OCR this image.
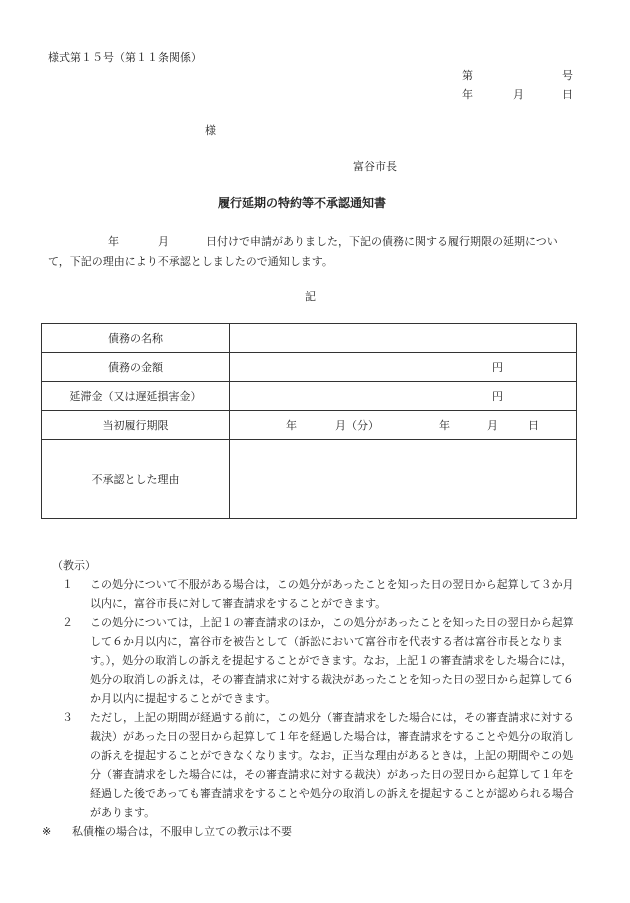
様式第１５号（第１１条関係）
第	号
年	月	日
様
富谷市長
履行延期の特約等不承認通知書
年	月	日付けで申請がありました，下記の債務に関する履行期限の延期について，下記の理由により不承認としましたので通知します。
記
債務の名称	
債務の金額	円
延滞金（又は遅延損害金）	円
当初履行期限	年 月（分） 年 月 日
不承認とした理由	
（教示）
１ この処分について不服がある場合は，この処分があったことを知った日の翌日から起算して３か月以内に，富谷市長に対して審査請求をすることができます。
２ この処分については，上記１の審査請求のほか，この処分があったことを知った日の翌日から起算して６か月以内に，富谷市を被告として（訴訟において富谷市を代表する者は富谷市長となります。），処分の取消しの訴えを提起することができます。なお，上記１の審査請求をした場合には，処分の取消しの訴えは，その審査請求に対する裁決があったことを知った日の翌日から起算して６か月以内に提起することができます。
３ ただし，上記の期間が経過する前に，この処分（審査請求をした場合には，その審査請求に対する裁決）があった日の翌日から起算して１年を経過した場合は，審査請求をすることや処分の取消しの訴えを提起することができなくなります。なお，正当な理由があるときは，上記の期間やこの処分（審査請求をした場合には，その審査請求に対する裁決）があった日の翌日から起算して１年を経過した後であっても審査請求をすることや処分の取消しの訴えを提起することが認められる場合があります。
※ 私債権の場合は，不服申し立ての教示は不要
